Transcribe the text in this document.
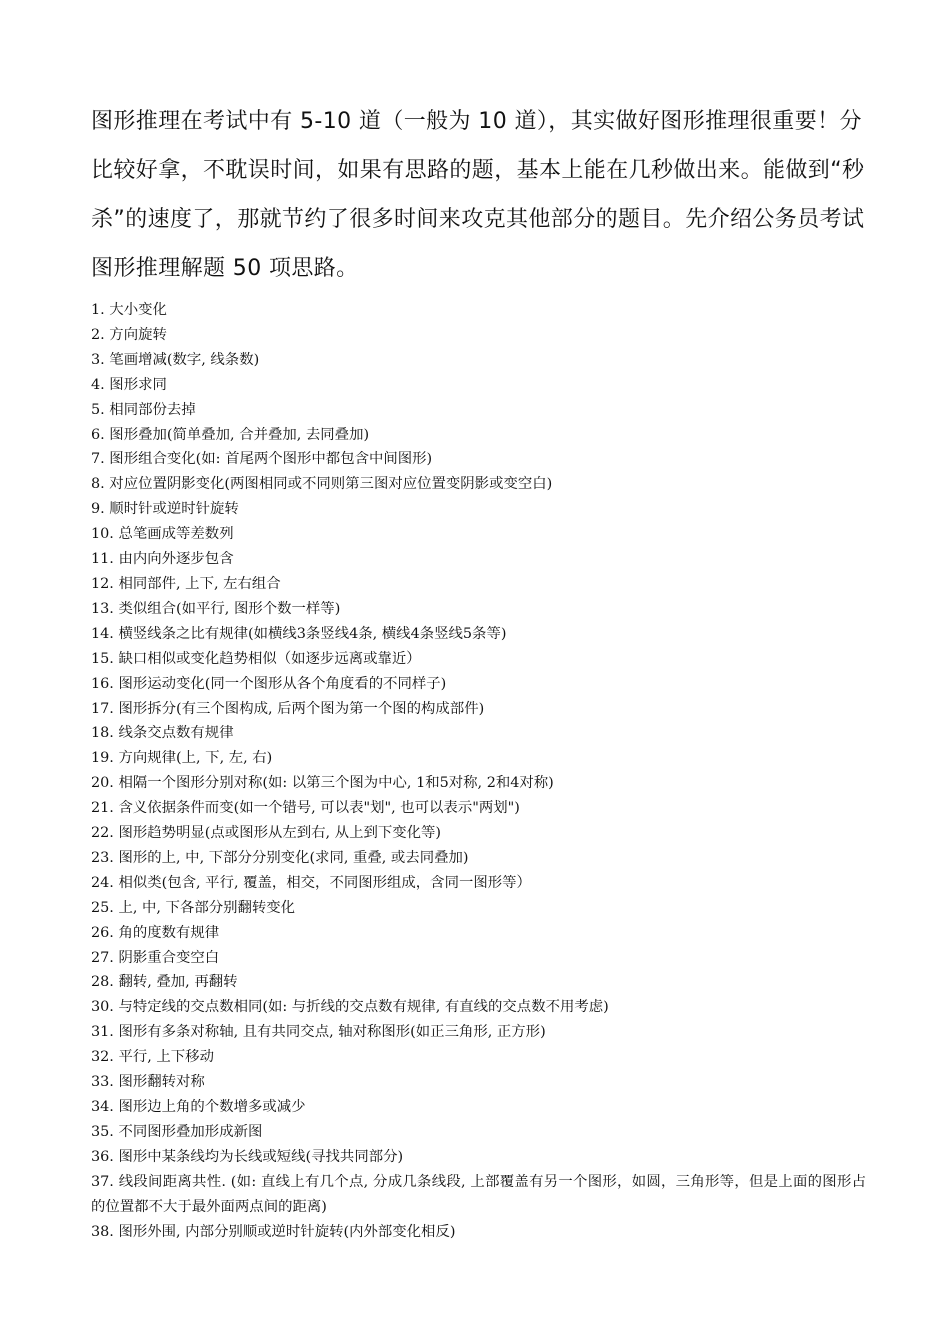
图形推理在考试中有 5-10 道（一般为 10 道），其实做好图形推理很重要！分
比较好拿，不耽误时间，如果有思路的题，基本上能在几秒做出来。能做到“秒
杀”的速度了，那就节约了很多时间来攻克其他部分的题目。先介绍公务员考试
图形推理解题 50 项思路。
1. 大小变化
2. 方向旋转
3. 笔画增减(数字, 线条数)
4. 图形求同
5. 相同部份去掉
6. 图形叠加(简单叠加, 合并叠加, 去同叠加)
7. 图形组合变化(如: 首尾两个图形中都包含中间图形)
8. 对应位置阴影变化(两图相同或不同则第三图对应位置变阴影或变空白)
9. 顺时针或逆时针旋转
10. 总笔画成等差数列
11. 由内向外逐步包含
12. 相同部件, 上下, 左右组合
13. 类似组合(如平行, 图形个数一样等)
14. 横竖线条之比有规律(如横线3条竖线4条, 横线4条竖线5条等)
15. 缺口相似或变化趋势相似（如逐步远离或靠近）
16. 图形运动变化(同一个图形从各个角度看的不同样子)
17. 图形拆分(有三个图构成, 后两个图为第一个图的构成部件)
18. 线条交点数有规律
19. 方向规律(上, 下, 左, 右)
20. 相隔一个图形分别对称(如: 以第三个图为中心, 1和5对称, 2和4对称)
21. 含义依据条件而变(如一个错号, 可以表"划", 也可以表示"两划")
22. 图形趋势明显(点或图形从左到右, 从上到下变化等)
23. 图形的上, 中, 下部分分别变化(求同, 重叠, 或去同叠加)
24. 相似类(包含, 平行, 覆盖，相交，不同图形组成，含同一图形等）
25. 上, 中, 下各部分别翻转变化
26. 角的度数有规律
27. 阴影重合变空白
28. 翻转, 叠加, 再翻转
30. 与特定线的交点数相同(如: 与折线的交点数有规律, 有直线的交点数不用考虑)
31. 图形有多条对称轴, 且有共同交点, 轴对称图形(如正三角形, 正方形)
32. 平行, 上下移动
33. 图形翻转对称
34. 图形边上角的个数增多或减少
35. 不同图形叠加形成新图
36. 图形中某条线均为长线或短线(寻找共同部分)
37. 线段间距离共性. (如: 直线上有几个点, 分成几条线段, 上部覆盖有另一个图形，如圆，三角形等，但是上面的图形占的位置都不大于最外面两点间的距离)
38. 图形外围, 内部分别顺或逆时针旋转(内外部变化相反)
